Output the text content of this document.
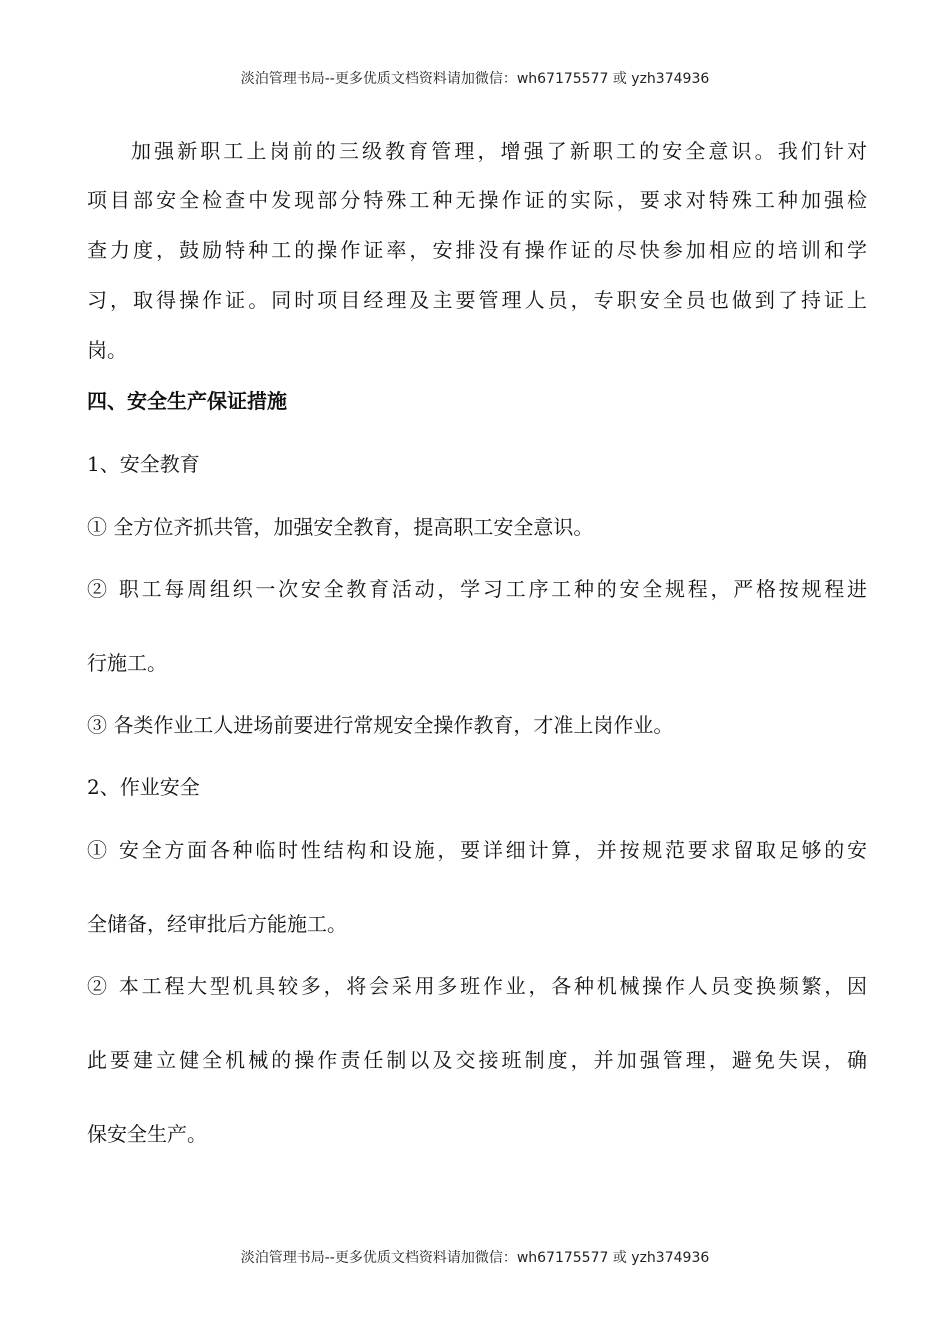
淡泊管理书局--更多优质文档资料请加微信：wh67175577 或 yzh374936
加强新职工上岗前的三级教育管理，增强了新职工的安全意识。我们针对
项目部安全检查中发现部分特殊工种无操作证的实际，要求对特殊工种加强检
查力度，鼓励特种工的操作证率，安排没有操作证的尽快参加相应的培训和学
习，取得操作证。同时项目经理及主要管理人员，专职安全员也做到了持证上
岗。
四、安全生产保证措施
1、安全教育
① 全方位齐抓共管，加强安全教育，提高职工安全意识。
② 职工每周组织一次安全教育活动，学习工序工种的安全规程，严格按规程进
行施工。
③ 各类作业工人进场前要进行常规安全操作教育，才准上岗作业。
2、作业安全
① 安全方面各种临时性结构和设施，要详细计算，并按规范要求留取足够的安
全储备，经审批后方能施工。
② 本工程大型机具较多，将会采用多班作业，各种机械操作人员变换频繁，因
此要建立健全机械的操作责任制以及交接班制度，并加强管理，避免失误，确
保安全生产。
淡泊管理书局--更多优质文档资料请加微信：wh67175577 或 yzh374936
